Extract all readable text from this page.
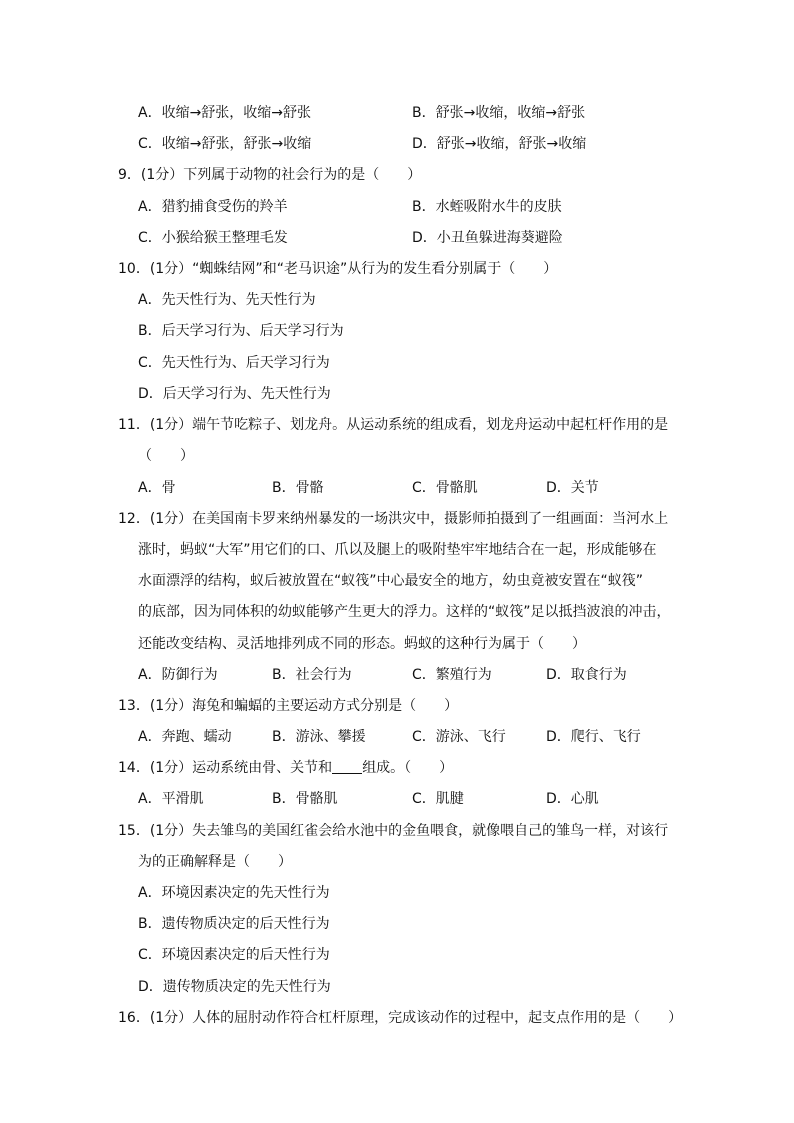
A．收缩→舒张，收缩→舒张	B．舒张→收缩，收缩→舒张
C．收缩→舒张，舒张→收缩	D．舒张→收缩，舒张→收缩
9．(1分）下列属于动物的社会行为的是（　　）
A．猎豹捕食受伤的羚羊	B．水蛭吸附水牛的皮肤
C．小猴给猴王整理毛发	D．小丑鱼躲进海葵避险
10．(1分）“蜘蛛结网”和“老马识途”从行为的发生看分别属于（　　）
A．先天性行为、先天性行为
B．后天学习行为、后天学习行为
C．先天性行为、后天学习行为
D．后天学习行为、先天性行为
11．(1分）端午节吃粽子、划龙舟。从运动系统的组成看，划龙舟运动中起杠杆作用的是
（　　）
A．骨	B．骨骼	C．骨骼肌	D．关节
12．(1分）在美国南卡罗来纳州暴发的一场洪灾中，摄影师拍摄到了一组画面：当河水上
涨时，蚂蚁“大军”用它们的口、爪以及腿上的吸附垫牢牢地结合在一起，形成能够在
水面漂浮的结构，蚁后被放置在“蚁筏”中心最安全的地方，幼虫竟被安置在“蚁筏”
的底部，因为同体积的幼蚁能够产生更大的浮力。这样的“蚁筏”足以抵挡波浪的冲击，
还能改变结构、灵活地排列成不同的形态。蚂蚁的这种行为属于（　　）
A．防御行为	B．社会行为	C．繁殖行为	D．取食行为
13．(1分）海兔和蝙蝠的主要运动方式分别是（　　）
A．奔跑、蠕动	B．游泳、攀援	C．游泳、飞行	D．爬行、飞行
14．(1分）运动系统由骨、关节和 组成。（　　）
A．平滑肌	B．骨骼肌	C．肌腱	D．心肌
15．(1分）失去雏鸟的美国红雀会给水池中的金鱼喂食，就像喂自己的雏鸟一样，对该行
为的正确解释是（　　）
A．环境因素决定的先天性行为
B．遗传物质决定的后天性行为
C．环境因素决定的后天性行为
D．遗传物质决定的先天性行为
16．(1分）人体的屈肘动作符合杠杆原理，完成该动作的过程中，起支点作用的是（　　）
